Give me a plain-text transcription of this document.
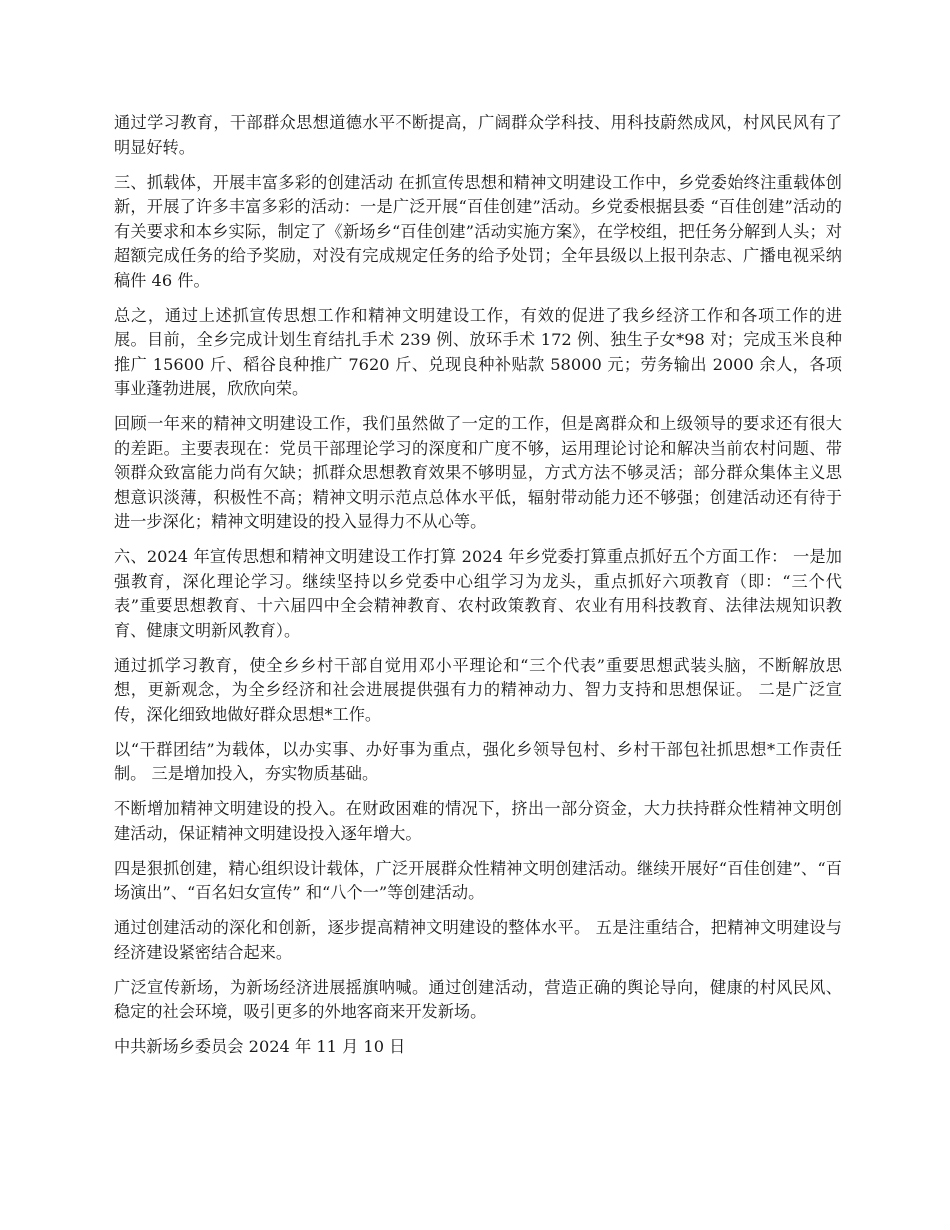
通过学习教育，干部群众思想道德水平不断提高，广阔群众学科技、用科技蔚然成风，村风民风有了明显好转。

三、抓载体，开展丰富多彩的创建活动 在抓宣传思想和精神文明建设工作中，乡党委始终注重载体创新，开展了许多丰富多彩的活动：一是广泛开展“百佳创建”活动。乡党委根据县委 “百佳创建”活动的有关要求和本乡实际，制定了《新场乡“百佳创建”活动实施方案》，在学校组，把任务分解到人头；对超额完成任务的给予奖励，对没有完成规定任务的给予处罚；全年县级以上报刊杂志、广播电视采纳稿件 46 件。

总之，通过上述抓宣传思想工作和精神文明建设工作，有效的促进了我乡经济工作和各项工作的进展。目前，全乡完成计划生育结扎手术 239 例、放环手术 172 例、独生子女*98 对；完成玉米良种推广 15600 斤、稻谷良种推广 7620 斤、兑现良种补贴款 58000 元；劳务输出 2000 余人，各项事业蓬勃进展，欣欣向荣。

回顾一年来的精神文明建设工作，我们虽然做了一定的工作，但是离群众和上级领导的要求还有很大的差距。主要表现在：党员干部理论学习的深度和广度不够，运用理论讨论和解决当前农村问题、带领群众致富能力尚有欠缺；抓群众思想教育效果不够明显，方式方法不够灵活；部分群众集体主义思想意识淡薄，积极性不高；精神文明示范点总体水平低，辐射带动能力还不够强；创建活动还有待于进一步深化；精神文明建设的投入显得力不从心等。

六、2024 年宣传思想和精神文明建设工作打算 2024 年乡党委打算重点抓好五个方面工作： 一是加强教育，深化理论学习。继续坚持以乡党委中心组学习为龙头，重点抓好六项教育（即：“三个代表”重要思想教育、十六届四中全会精神教育、农村政策教育、农业有用科技教育、法律法规知识教育、健康文明新风教育）。

通过抓学习教育，使全乡乡村干部自觉用邓小平理论和“三个代表”重要思想武装头脑，不断解放思想，更新观念，为全乡经济和社会进展提供强有力的精神动力、智力支持和思想保证。 二是广泛宣传，深化细致地做好群众思想*工作。

以“干群团结”为载体，以办实事、办好事为重点，强化乡领导包村、乡村干部包社抓思想*工作责任制。 三是增加投入，夯实物质基础。

不断增加精神文明建设的投入。在财政困难的情况下，挤出一部分资金，大力扶持群众性精神文明创建活动，保证精神文明建设投入逐年增大。

四是狠抓创建，精心组织设计载体，广泛开展群众性精神文明创建活动。继续开展好“百佳创建”、“百场演出”、“百名妇女宣传” 和“八个一”等创建活动。

通过创建活动的深化和创新，逐步提高精神文明建设的整体水平。 五是注重结合，把精神文明建设与经济建设紧密结合起来。

广泛宣传新场，为新场经济进展摇旗呐喊。通过创建活动，营造正确的舆论导向，健康的村风民风、稳定的社会环境，吸引更多的外地客商来开发新场。

中共新场乡委员会 2024 年 11 月 10 日
